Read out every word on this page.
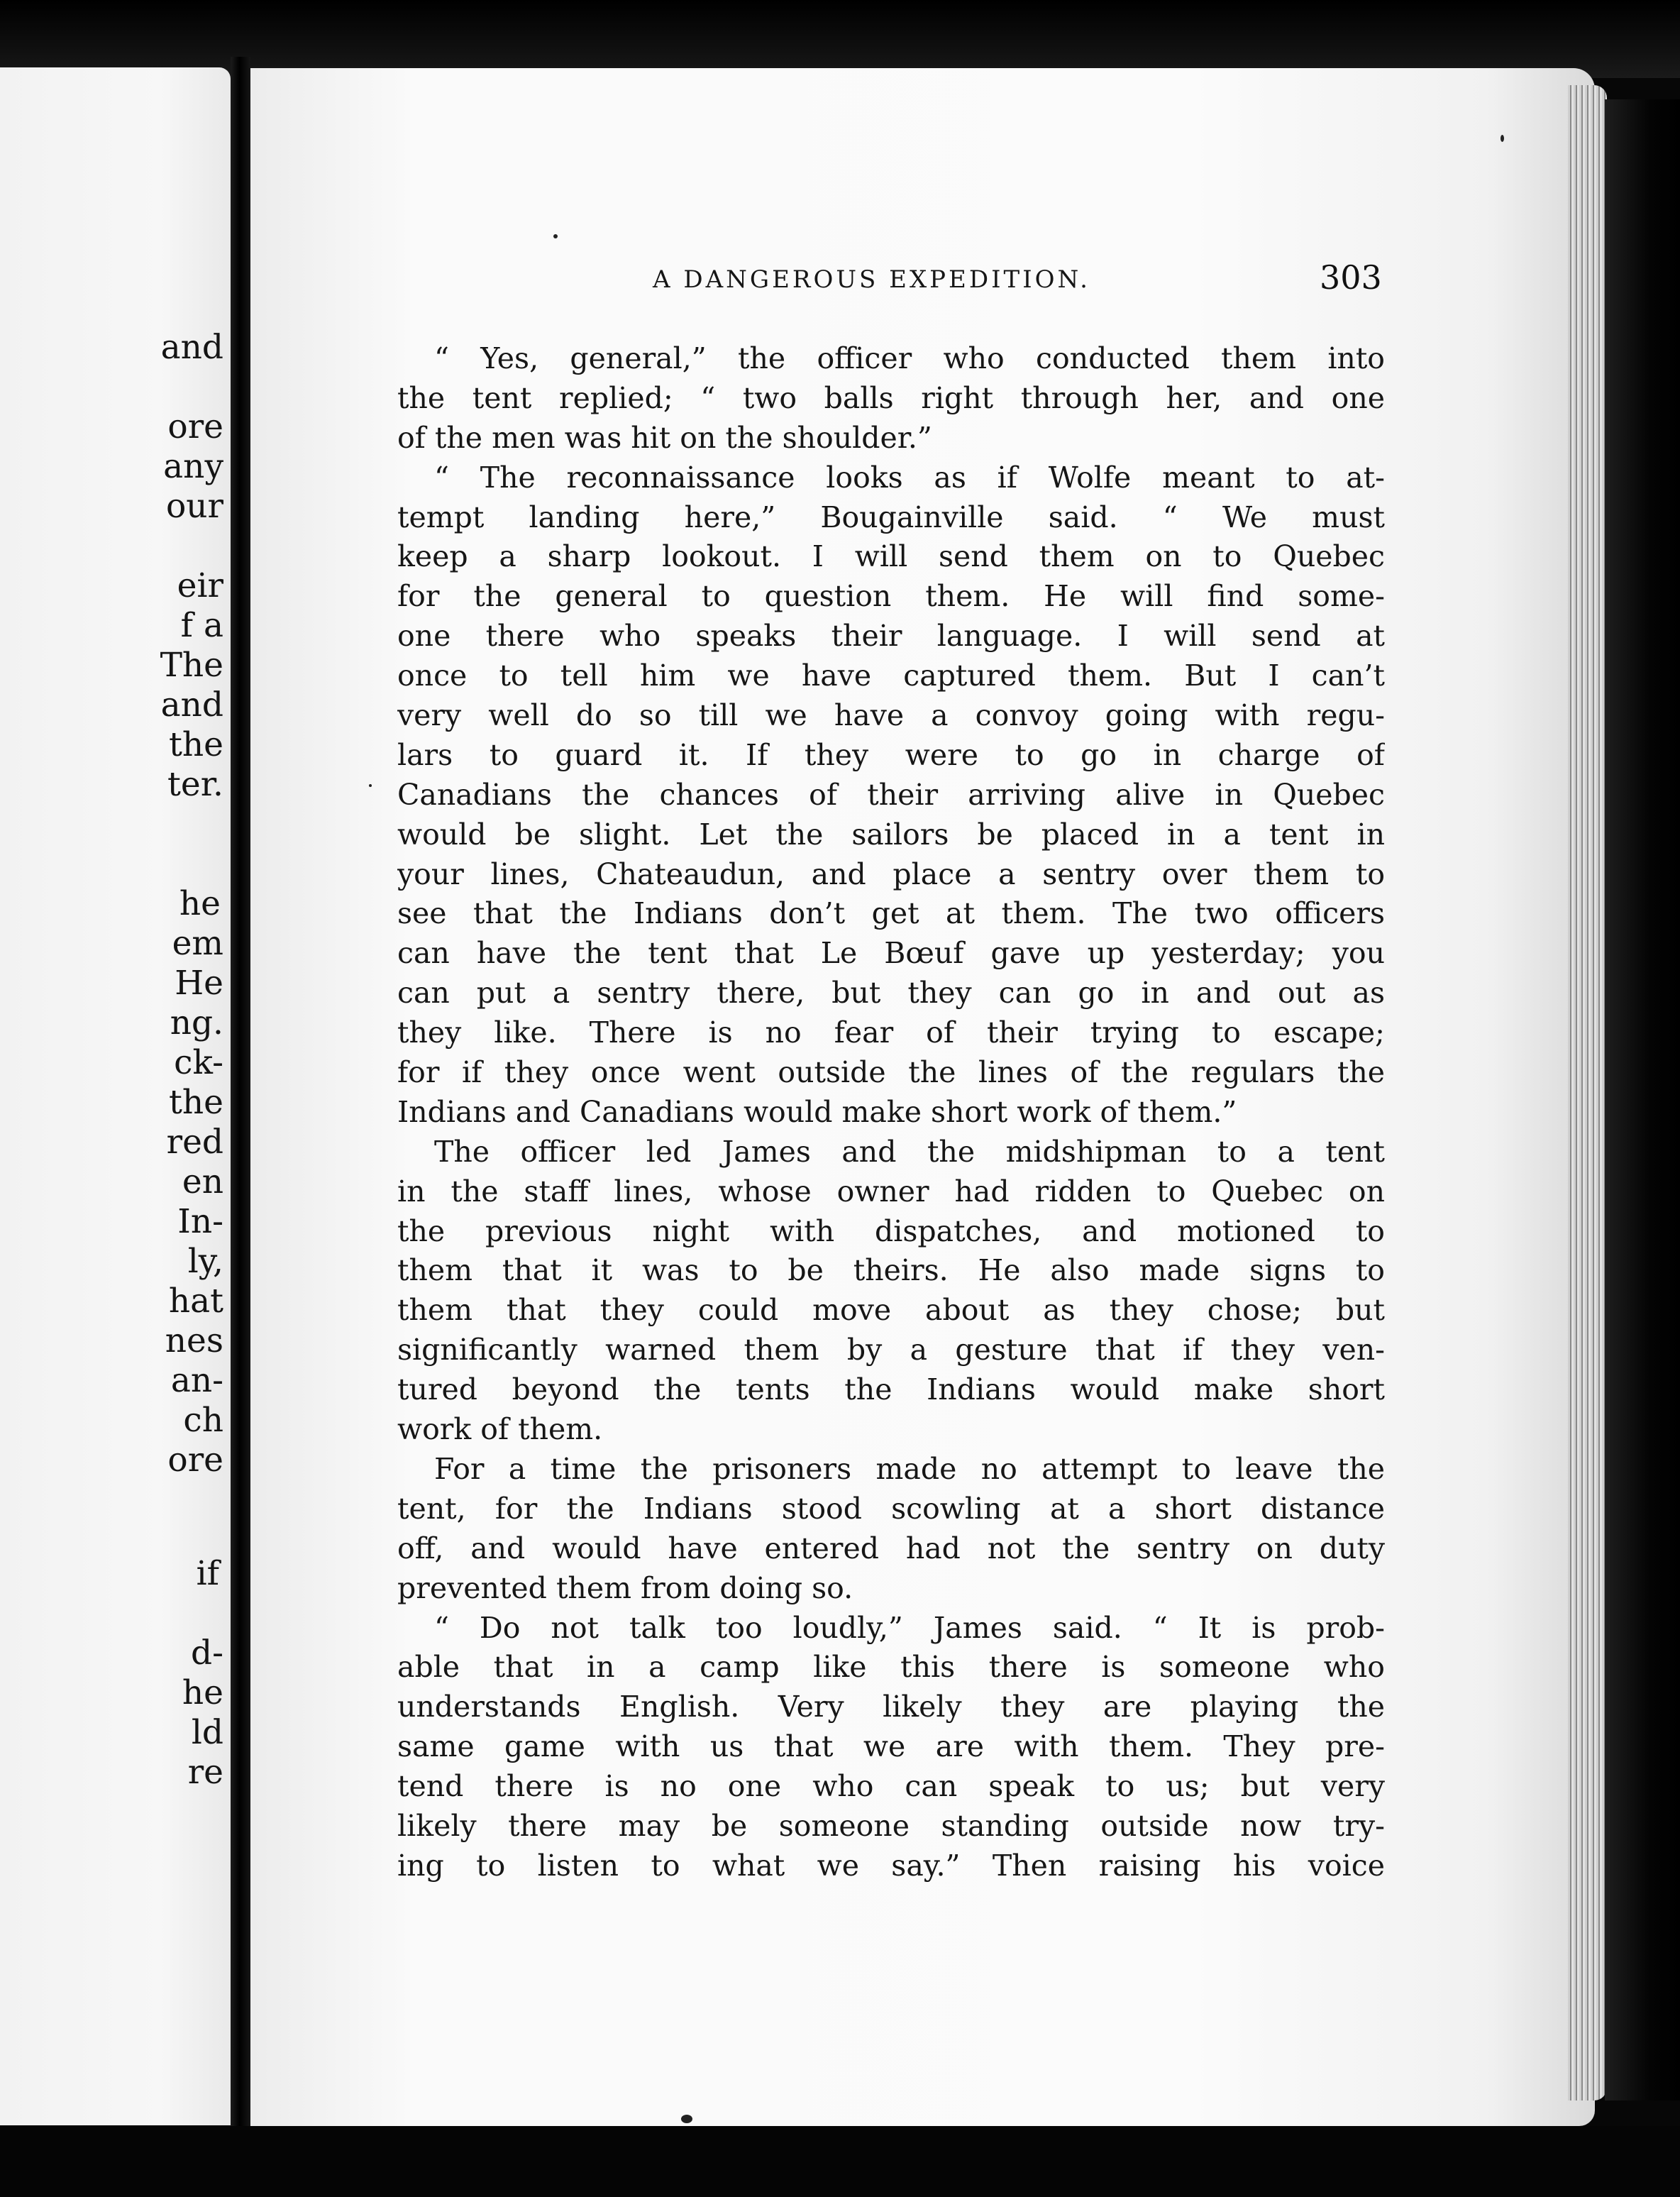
and
ore
any
our
eir
f a
The
and
the
ter.
he
em
He
ng.
ck-
the
red
en
In-
ly,
hat
nes
an-
ch
ore
if
d-
he
ld
re
A DANGEROUS EXPEDITION.	303
“ Yes, general,” the officer who conducted them into
the tent replied; “ two balls right through her, and one
of the men was hit on the shoulder.”
“ The reconnaissance looks as if Wolfe meant to at-
tempt landing here,” Bougainville said. “ We must
keep a sharp lookout. I will send them on to Quebec
for the general to question them. He will find some-
one there who speaks their language. I will send at
once to tell him we have captured them. But I can’t
very well do so till we have a convoy going with regu-
lars to guard it. If they were to go in charge of
Canadians the chances of their arriving alive in Quebec
would be slight. Let the sailors be placed in a tent in
your lines, Chateaudun, and place a sentry over them to
see that the Indians don’t get at them. The two officers
can have the tent that Le Bœuf gave up yesterday; you
can put a sentry there, but they can go in and out as
they like. There is no fear of their trying to escape;
for if they once went outside the lines of the regulars the
Indians and Canadians would make short work of them.”
The officer led James and the midshipman to a tent
in the staff lines, whose owner had ridden to Quebec on
the previous night with dispatches, and motioned to
them that it was to be theirs. He also made signs to
them that they could move about as they chose; but
significantly warned them by a gesture that if they ven-
tured beyond the tents the Indians would make short
work of them.
For a time the prisoners made no attempt to leave the
tent, for the Indians stood scowling at a short distance
off, and would have entered had not the sentry on duty
prevented them from doing so.
“ Do not talk too loudly,” James said. “ It is prob-
able that in a camp like this there is someone who
understands English. Very likely they are playing the
same game with us that we are with them. They pre-
tend there is no one who can speak to us; but very
likely there may be someone standing outside now try-
ing to listen to what we say.” Then raising his voice
